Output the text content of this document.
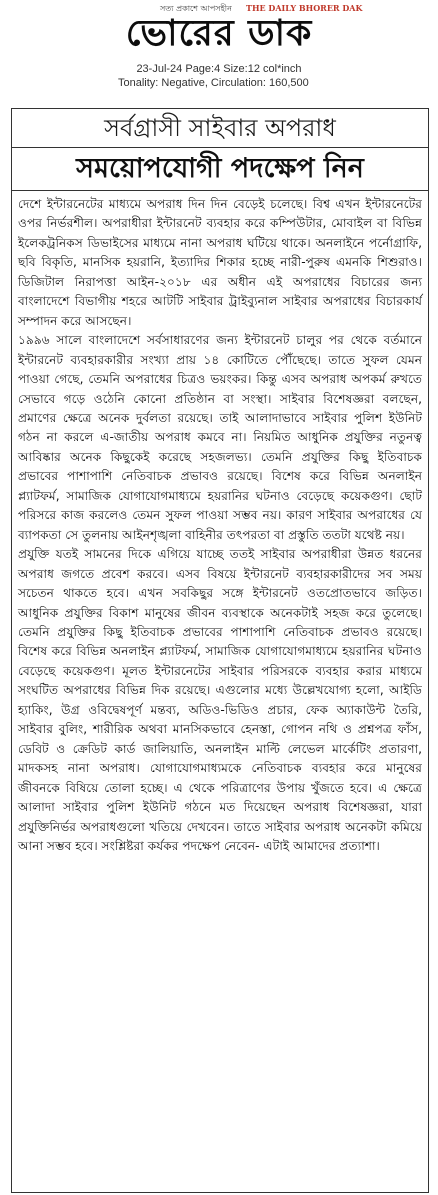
সত্য প্রকাশে আপসহীন THE DAILY BHORER DAK
ভোরের ডাক
23-Jul-24 Page:4 Size:12 col*inch
Tonality: Negative, Circulation: 160,500
সর্বগ্রাসী সাইবার অপরাধ
সময়োপযোগী পদক্ষেপ নিন

দেশে ইন্টারনেটের মাধ্যমে অপরাধ দিন দিন বেড়েই চলেছে। বিশ্ব এখন ইন্টারনেটের ওপর নির্ভরশীল। অপরাধীরা ইন্টারনেট ব্যবহার করে কম্পিউটার, মোবাইল বা বিভিন্ন ইলেকট্রনিকস ডিভাইসের মাধ্যমে নানা অপরাধ ঘটিয়ে থাকে। অনলাইনে পর্নোগ্রাফি, ছবি বিকৃতি, মানসিক হয়রানি, ইত্যাদির শিকার হচ্ছে নারী-পুরুষ এমনকি শিশুরাও। ডিজিটাল নিরাপত্তা আইন-২০১৮ এর অধীন এই অপরাধের বিচারের জন্য বাংলাদেশে বিভাগীয় শহরে আটটি সাইবার ট্রাইব্যুনাল সাইবার অপরাধের বিচারকার্য সম্পাদন করে আসছেন।

১৯৯৬ সালে বাংলাদেশে সর্বসাধারণের জন্য ইন্টারনেট চালুর পর থেকে বর্তমানে ইন্টারনেট ব্যবহারকারীর সংখ্যা প্রায় ১৪ কোটিতে পৌঁছেছে। তাতে সুফল যেমন পাওয়া গেছে, তেমনি অপরাধের চিত্রও ভয়ংকর। কিন্তু এসব অপরাধ অপকর্ম রুখতে সেভাবে গড়ে ওঠেনি কোনো প্রতিষ্ঠান বা সংস্থা। সাইবার বিশেষজ্ঞরা বলছেন, প্রমাণের ক্ষেত্রে অনেক দুর্বলতা রয়েছে। তাই আলাদাভাবে সাইবার পুলিশ ইউনিট গঠন না করলে এ-জাতীয় অপরাধ কমবে না। নিয়মিত আধুনিক প্রযুক্তির নতুনত্ব আবিষ্কার অনেক কিছুকেই করেছে সহজলভ্য। তেমনি প্রযুক্তির কিছু ইতিবাচক প্রভাবের পাশাপাশি নেতিবাচক প্রভাবও রয়েছে। বিশেষ করে বিভিন্ন অনলাইন প্ল্যাটফর্ম, সামাজিক যোগাযোগমাধ্যমে হয়রানির ঘটনাও বেড়েছে কয়েকগুণ। ছোট পরিসরে কাজ করলেও তেমন সুফল পাওয়া সম্ভব নয়। কারণ সাইবার অপরাধের যে ব্যাপকতা সে তুলনায় আইনশৃঙ্খলা বাহিনীর তৎপরতা বা প্রস্তুতি ততটা যথেষ্ট নয়।

প্রযুক্তি যতই সামনের দিকে এগিয়ে যাচ্ছে ততই সাইবার অপরাধীরা উন্নত ধরনের অপরাধ জগতে প্রবেশ করবে। এসব বিষয়ে ইন্টারনেট ব্যবহারকারীদের সব সময় সচেতন থাকতে হবে। এখন সবকিছুর সঙ্গে ইন্টারনেট ওতপ্রোতভাবে জড়িত। আধুনিক প্রযুক্তির বিকাশ মানুষের জীবন ব্যবস্থাকে অনেকটাই সহজ করে তুলেছে। তেমনি প্রযুক্তির কিছু ইতিবাচক প্রভাবের পাশাপাশি নেতিবাচক প্রভাবও রয়েছে। বিশেষ করে বিভিন্ন অনলাইন প্ল্যাটফর্ম, সামাজিক যোগাযোগমাধ্যমে হয়রানির ঘটনাও বেড়েছে কয়েকগুণ। মূলত ইন্টারনেটের সাইবার পরিসরকে ব্যবহার করার মাধ্যমে সংঘটিত অপরাধের বিভিন্ন দিক রয়েছে। এগুলোর মধ্যে উল্লেখযোগ্য হলো, আইডি হ্যাকিং, উগ্র ওবিদ্বেষপূর্ণ মন্তব্য, অডিও-ভিডিও প্রচার, ফেক অ্যাকাউন্ট তৈরি, সাইবার বুলিং, শারীরিক অথবা মানসিকভাবে হেনস্তা, গোপন নথি ও প্রশ্নপত্র ফাঁস, ডেবিট ও ক্রেডিট কার্ড জালিয়াতি, অনলাইন মাল্টি লেভেল মার্কেটিং প্রতারণা, মাদকসহ নানা অপরাধ। যোগাযোগমাধ্যমকে নেতিবাচক ব্যবহার করে মানুষের জীবনকে বিষিয়ে তোলা হচ্ছে। এ থেকে পরিত্রাণের উপায় খুঁজতে হবে। এ ক্ষেত্রে আলাদা সাইবার পুলিশ ইউনিট গঠনে মত দিয়েছেন অপরাধ বিশেষজ্ঞরা, যারা প্রযুক্তিনির্ভর অপরাধগুলো খতিয়ে দেখবেন। তাতে সাইবার অপরাধ অনেকটা কমিয়ে আনা সম্ভব হবে। সংশ্লিষ্টরা কর্যকর পদক্ষেপ নেবেন- এটাই আমাদের প্রত্যাশা।
